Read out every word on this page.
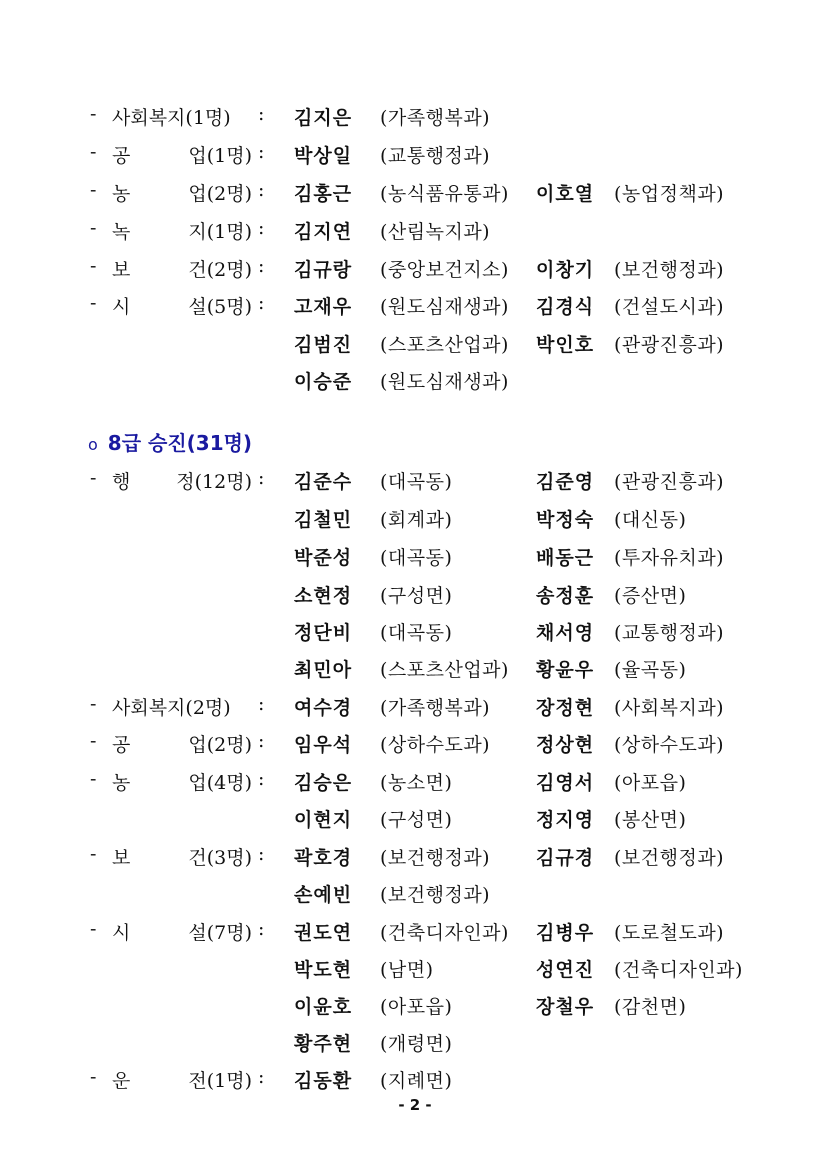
- 사회복지(1명) : 김지은 (가족행복과)
- 공	업(1명) : 박상일 (교통행정과)
- 농	업(2명) : 김홍근 (농식품유통과) 이호열 (농업정책과)
- 녹	지(1명) : 김지연 (산림녹지과)
- 보	건(2명) : 김규랑 (중앙보건지소) 이창기 (보건행정과)
- 시	설(5명) : 고재우 (원도심재생과) 김경식 (건설도시과)
김범진 (스포츠산업과) 박인호 (관광진흥과)
이승준 (원도심재생과)
- 행 정(12명) : 김준수 (대곡동)	김준영 (관광진흥과)
김철민 (회계과)	박정숙 (대신동)
박준성 (대곡동)	배동근 (투자유치과)
소현정 (구성면)	송정훈 (증산면)
정단비 (대곡동)	채서영 (교통행정과)
최민아 (스포츠산업과) 황윤우 (율곡동)
- 사회복지(2명) : 여수경 (가족행복과) 장정현 (사회복지과)
- 공	업(2명) : 임우석 (상하수도과) 정상현 (상하수도과)
- 농	업(4명) : 김승은 (농소면)	김영서 (아포읍)
이현지 (구성면)	정지영 (봉산면)
- 보	건(3명) : 곽호경 (보건행정과) 김규경 (보건행정과)
손예빈 (보건행정과)
- 시	설(7명) : 권도연 (건축디자인과) 김병우 (도로철도과)
박도현 (남면)	성연진 (건축디자인과)
이윤호 (아포읍)	장철우 (감천면)
황주현 (개령면)
- 운	전(1명) : 김동환 (지례면)
o 8급 승진(31명)
- 2 -
